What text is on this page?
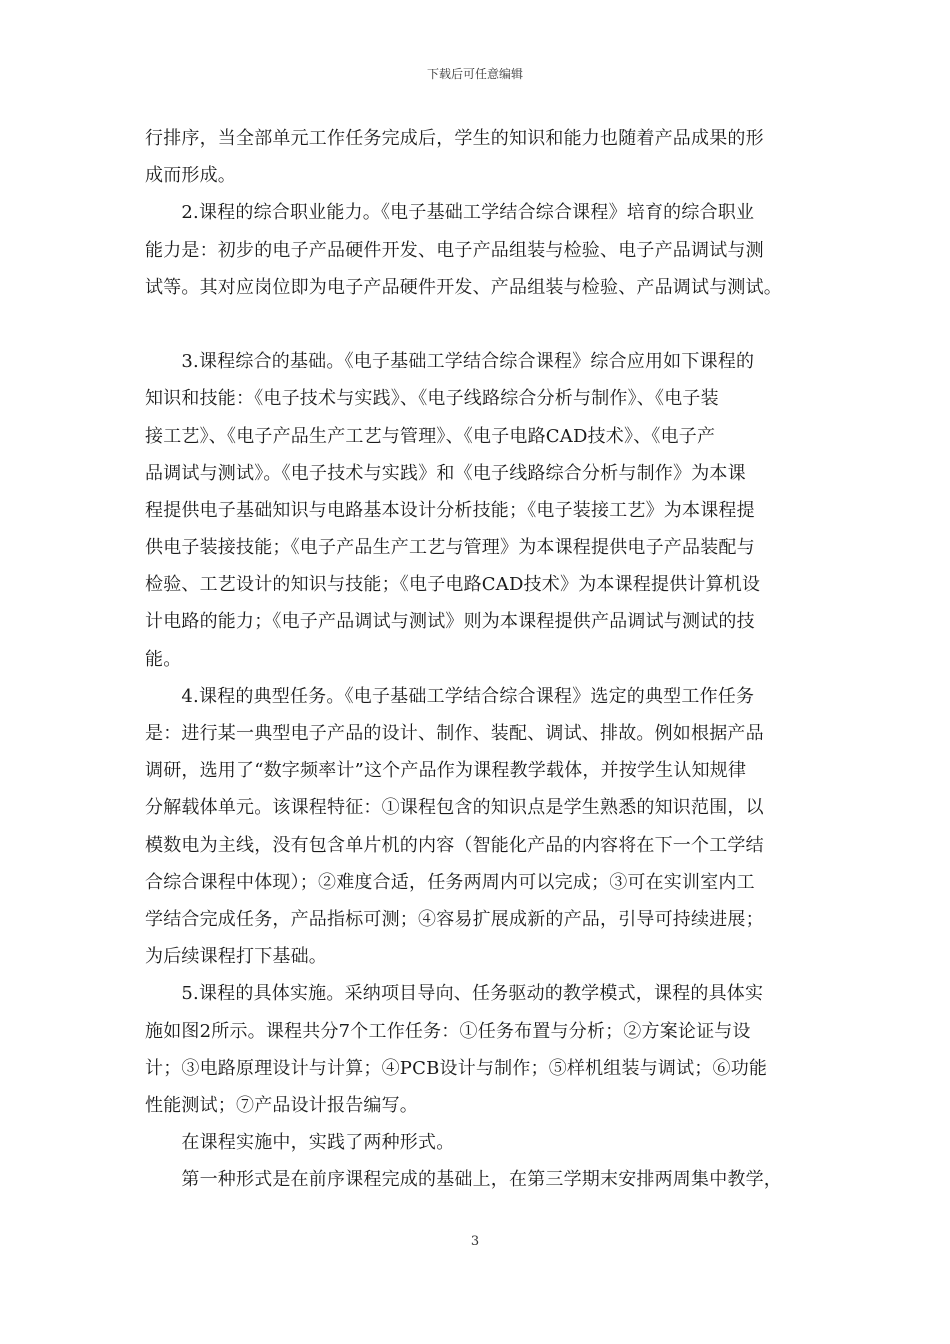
下载后可任意编辑
行排序，当全部单元工作任务完成后，学生的知识和能力也随着产品成果的形
成而形成。
　　2.课程的综合职业能力。《电子基础工学结合综合课程》培育的综合职业
能力是：初步的电子产品硬件开发、电子产品组装与检验、电子产品调试与测
试等。其对应岗位即为电子产品硬件开发、产品组装与检验、产品调试与测试。
　　3.课程综合的基础。《电子基础工学结合综合课程》综合应用如下课程的
知识和技能：《电子技术与实践》、《电子线路综合分析与制作》、《电子装
接工艺》、《电子产品生产工艺与管理》、《电子电路CAD技术》、《电子产
品调试与测试》。《电子技术与实践》和《电子线路综合分析与制作》为本课
程提供电子基础知识与电路基本设计分析技能；《电子装接工艺》为本课程提
供电子装接技能；《电子产品生产工艺与管理》为本课程提供电子产品装配与
检验、工艺设计的知识与技能；《电子电路CAD技术》为本课程提供计算机设
计电路的能力；《电子产品调试与测试》则为本课程提供产品调试与测试的技
能。
　　4.课程的典型任务。《电子基础工学结合综合课程》选定的典型工作任务
是：进行某一典型电子产品的设计、制作、装配、调试、排故。例如根据产品
调研，选用了“数字频率计”这个产品作为课程教学载体，并按学生认知规律
分解载体单元。该课程特征：①课程包含的知识点是学生熟悉的知识范围，以
模数电为主线，没有包含单片机的内容（智能化产品的内容将在下一个工学结
合综合课程中体现）；②难度合适，任务两周内可以完成；③可在实训室内工
学结合完成任务，产品指标可测；④容易扩展成新的产品，引导可持续进展；
为后续课程打下基础。
　　5.课程的具体实施。采纳项目导向、任务驱动的教学模式，课程的具体实
施如图2所示。课程共分7个工作任务：①任务布置与分析；②方案论证与设
计；③电路原理设计与计算；④PCB设计与制作；⑤样机组装与调试；⑥功能
性能测试；⑦产品设计报告编写。
　　在课程实施中，实践了两种形式。
　　第一种形式是在前序课程完成的基础上，在第三学期末安排两周集中教学，
3
